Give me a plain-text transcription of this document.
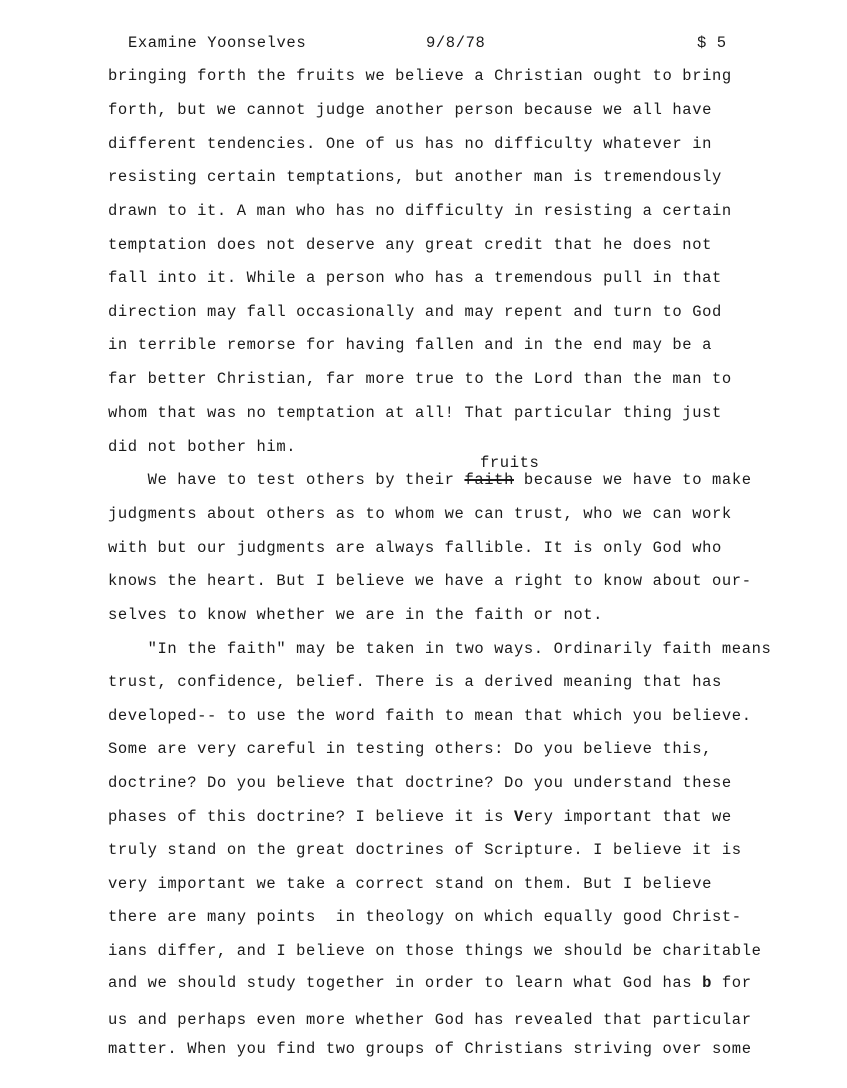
Examine Yoonselves	9/8/78	$ 5
bringing forth the fruits we believe a Christian ought to bring
forth, but we cannot judge another person because we all have
different tendencies. One of us has no difficulty whatever in
resisting certain temptations, but another man is tremendously
drawn to it. A man who has no difficulty in resisting a certain
temptation does not deserve any great credit that he does not
fall into it. While a person who has a tremendous pull in that
direction may fall occasionally and may repent and turn to God
in terrible remorse for having fallen and in the end may be a
far better Christian, far more true to the Lord than the man to
whom that was no temptation at all! That particular thing just
did not bother him.
fruits
We have to test others by their faith because we have to make
judgments about others as to whom we can trust, who we can work
with but our judgments are always fallible. It is only God who
knows the heart. But I believe we have a right to know about our-
selves to know whether we are in the faith or not.
"In the faith" may be taken in two ways. Ordinarily faith means
trust, confidence, belief. There is a derived meaning that has
developed-- to use the word faith to mean that which you believe.
Some are very careful in testing others: Do you believe this,
doctrine? Do you believe that doctrine? Do you understand these
phases of this doctrine? I believe it is Very important that we
truly stand on the great doctrines of Scripture. I believe it is
very important we take a correct stand on them. But I believe
there are many points  in theology on which equally good Christ-
ians differ, and I believe on those things we should be charitable
and we should study together in order to learn what God has b for
us and perhaps even more whether God has revealed that particular
matter. When you find two groups of Christians striving over some
